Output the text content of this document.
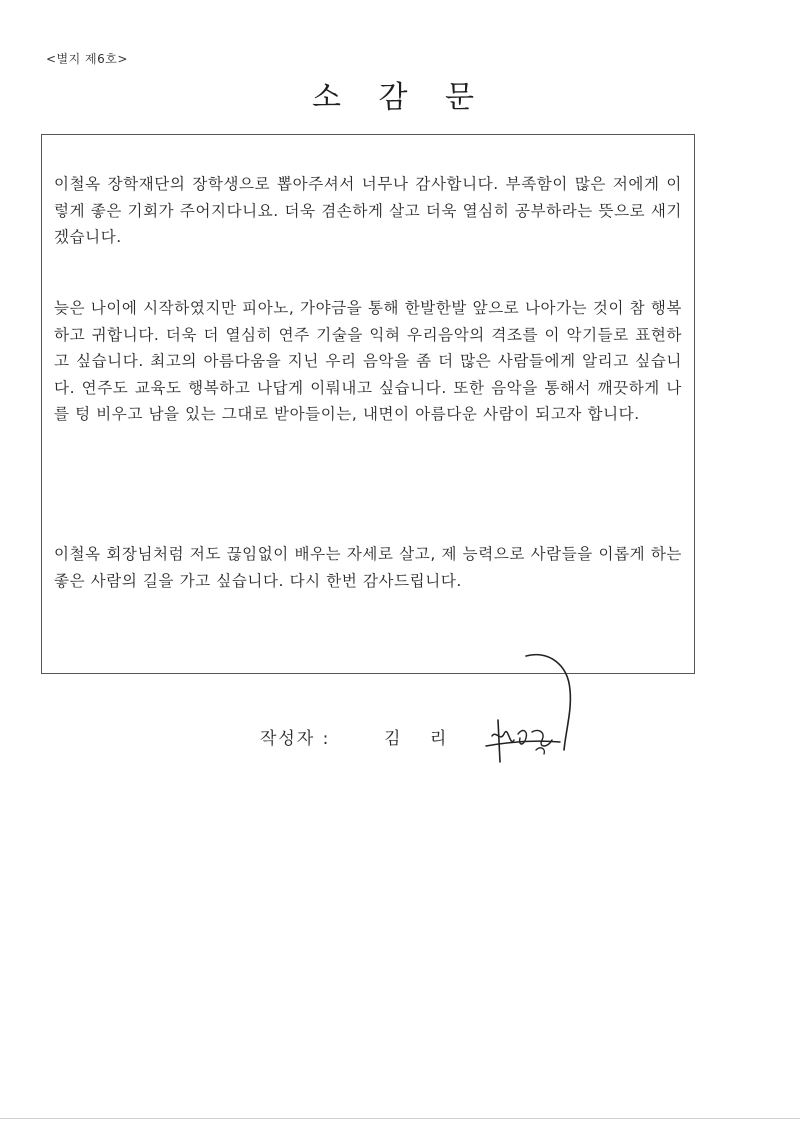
<별지 제6호>
소 감 문
이철옥 장학재단의 장학생으로 뽑아주셔서 너무나 감사합니다. 부족함이 많은 저에게 이렇게 좋은 기회가 주어지다니요. 더욱 겸손하게 살고 더욱 열심히 공부하라는 뜻으로 새기겠습니다.
늦은 나이에 시작하였지만 피아노, 가야금을 통해 한발한발 앞으로 나아가는 것이 참 행복하고 귀합니다. 더욱 더 열심히 연주 기술을 익혀 우리음악의 격조를 이 악기들로 표현하고 싶습니다. 최고의 아름다움을 지닌 우리 음악을 좀 더 많은 사람들에게 알리고 싶습니다. 연주도 교육도 행복하고 나답게 이뤄내고 싶습니다. 또한 음악을 통해서 깨끗하게 나를 텅 비우고 남을 있는 그대로 받아들이는, 내면이 아름다운 사람이 되고자 합니다.
이철옥 회장님처럼 저도 끊임없이 배우는 자세로 살고, 제 능력으로 사람들을 이롭게 하는 좋은 사람의 길을 가고 싶습니다. 다시 한번 감사드립니다.
작성자 :	김 리
